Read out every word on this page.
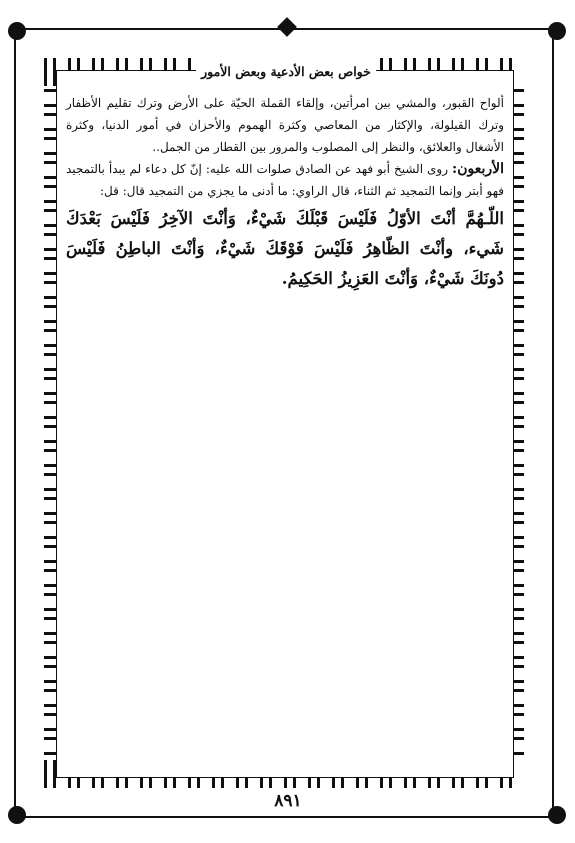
خواص بعض الأدعية وبعض الأمور

ألواح القبور، والمشي بين امرأتين، وإلقاء القملة الحيّة على الأرض وترك تقليم الأظفار وترك القيلولة، والإكثار من المعاصي وكثرة الهموم والأحزان في أمور الدنيا، وكثرة الأشغال والعلائق، والنظر إلى المصلوب والمرور بين القطار من الجمل..

الأربعون: روى الشيخ أبو فهد عن الصادق صلوات الله عليه: إنّ كل دعاء لم يبدأ بالتمجيد فهو أبتر وإنما التمجيد ثم الثناء، قال الراوي: ما أدنى ما يجزي من التمجيد قال: قل:

اللّـهُمَّ أنْتَ الأوّلُ فَلَيْسَ قَبْلَكَ شَيْءٌ، وَأنْتَ الآخِرُ فَلَيْسَ بَعْدَكَ شَيء، وأنْتَ الظّاهِرُ فَلَيْسَ فَوْقَكَ شَيْءٌ، وَأنْتَ الباطِنُ فَلَيْسَ دُونَكَ شَيْءٌ، وَأنْتَ العَزِيزُ الحَكِيمُ.

٨٩١
